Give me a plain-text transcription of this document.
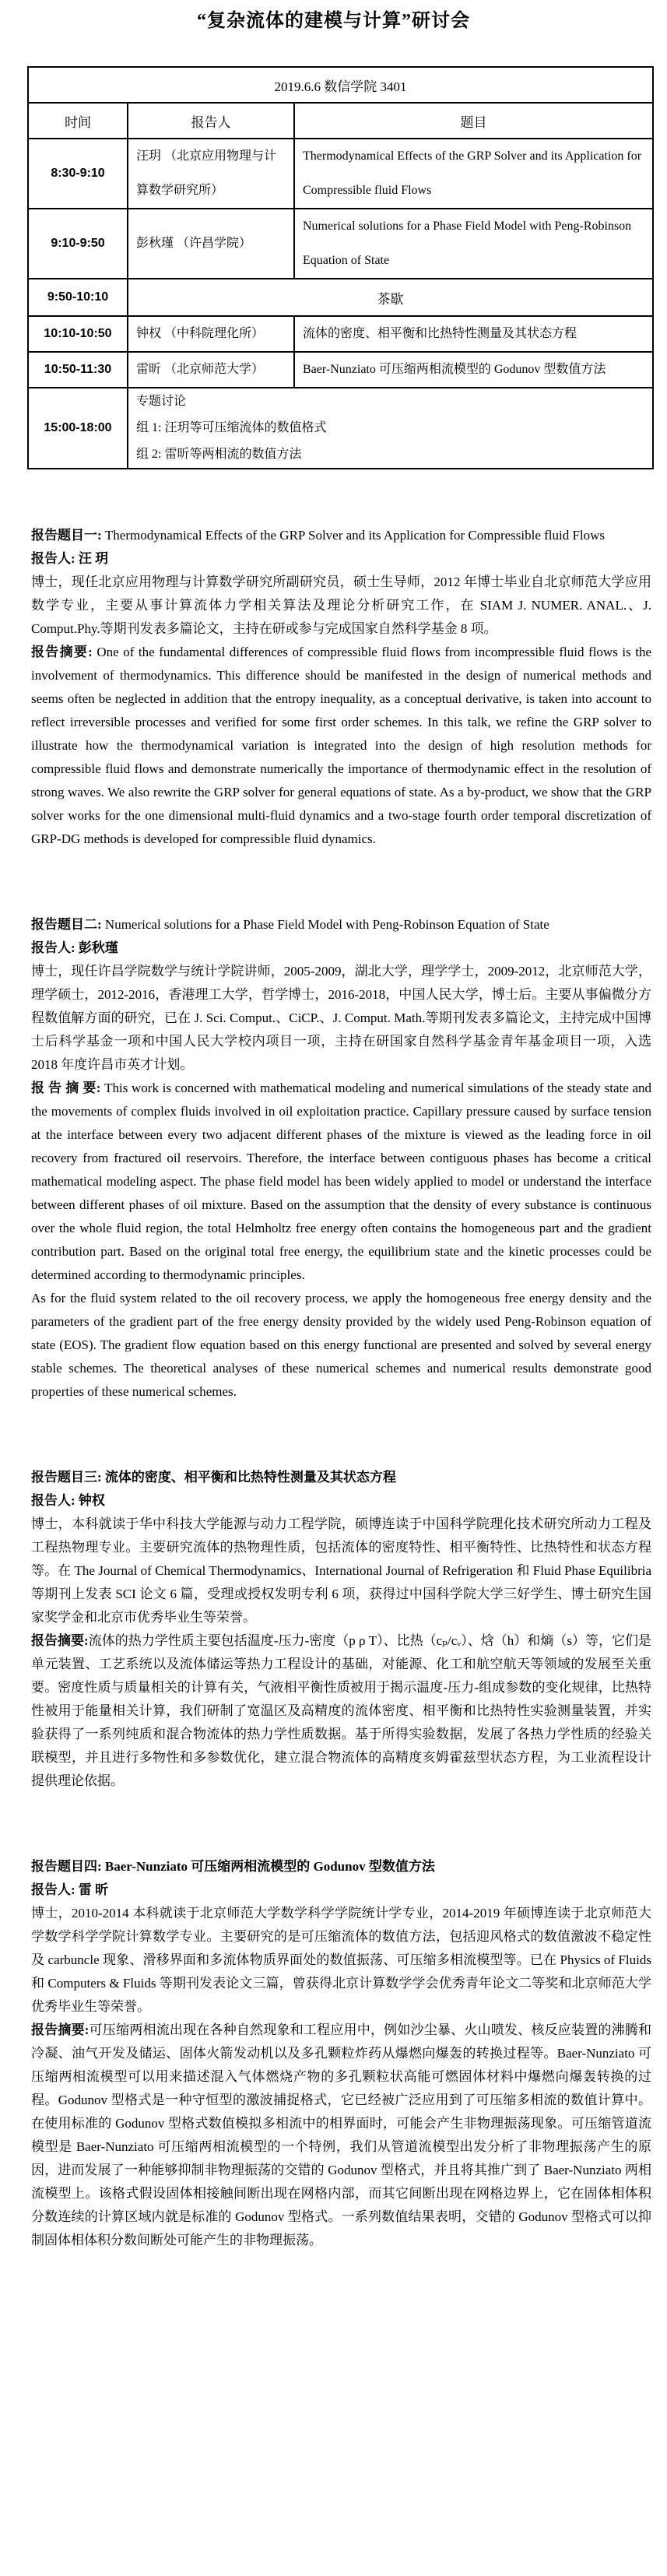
“复杂流体的建模与计算”研讨会
2019.6.6 数信学院 3401		
时间	报告人	题目
8:30-9:10	汪玥 （北京应用物理与计算数学研究所）	Thermodynamical Effects of the GRP Solver and its Application for Compressible fluid Flows
9:10-9:50	彭秋瑾 （许昌学院）	Numerical solutions for a Phase Field Model with Peng-Robinson Equation of State
9:50-10:10	茶歇	
10:10-10:50	钟权 （中科院理化所）	流体的密度、相平衡和比热特性测量及其状态方程
10:50-11:30	雷昕 （北京师范大学）	Baer-Nunziato 可压缩两相流模型的 Godunov 型数值方法
15:00-18:00	专题讨论
组 1: 汪玥等可压缩流体的数值格式
组 2: 雷昕等两相流的数值方法	

报告题目一: Thermodynamical Effects of the GRP Solver and its Application for Compressible fluid Flows

报告人: 汪 玥

博士，现任北京应用物理与计算数学研究所副研究员，硕士生导师，2012 年博士毕业自北京师范大学应用数学专业，主要从事计算流体力学相关算法及理论分析研究工作，在 SIAM J. NUMER. ANAL.、J. Comput.Phy.等期刊发表多篇论文，主持在研或参与完成国家自然科学基金 8 项。

报告摘要: One of the fundamental differences of compressible fluid flows from incompressible fluid flows is the involvement of thermodynamics. This difference should be manifested in the design of numerical methods and seems often be neglected in addition that the entropy inequality, as a conceptual derivative, is taken into account to reflect irreversible processes and verified for some first order schemes. In this talk, we refine the GRP solver to illustrate how the thermodynamical variation is integrated into the design of high resolution methods for compressible fluid flows and demonstrate numerically the importance of thermodynamic effect in the resolution of strong waves. We also rewrite the GRP solver for general equations of state. As a by-product, we show that the GRP solver works for the one dimensional multi-fluid dynamics and a two-stage fourth order temporal discretization of GRP-DG methods is developed for compressible fluid dynamics.

报告题目二: Numerical solutions for a Phase Field Model with Peng-Robinson Equation of State

报告人: 彭秋瑾

博士，现任许昌学院数学与统计学院讲师，2005-2009，湖北大学，理学学士，2009-2012，北京师范大学，理学硕士，2012-2016，香港理工大学，哲学博士，2016-2018，中国人民大学，博士后。主要从事偏微分方程数值解方面的研究，已在 J. Sci. Comput.、CiCP.、J. Comput. Math.等期刊发表多篇论文，主持完成中国博士后科学基金一项和中国人民大学校内项目一项，主持在研国家自然科学基金青年基金项目一项，入选 2018 年度许昌市英才计划。

报 告 摘 要: This work is concerned with mathematical modeling and numerical simulations of the steady state and the movements of complex fluids involved in oil exploitation practice. Capillary pressure caused by surface tension at the interface between every two adjacent different phases of the mixture is viewed as the leading force in oil recovery from fractured oil reservoirs. Therefore, the interface between contiguous phases has become a critical mathematical modeling aspect. The phase field model has been widely applied to model or understand the interface between different phases of oil mixture. Based on the assumption that the density of every substance is continuous over the whole fluid region, the total Helmholtz free energy often contains the homogeneous part and the gradient contribution part. Based on the original total free energy, the equilibrium state and the kinetic processes could be determined according to thermodynamic principles.

As for the fluid system related to the oil recovery process, we apply the homogeneous free energy density and the parameters of the gradient part of the free energy density provided by the widely used Peng-Robinson equation of state (EOS). The gradient flow equation based on this energy functional are presented and solved by several energy stable schemes. The theoretical analyses of these numerical schemes and numerical results demonstrate good properties of these numerical schemes.

报告题目三: 流体的密度、相平衡和比热特性测量及其状态方程

报告人: 钟权

博士，本科就读于华中科技大学能源与动力工程学院，硕博连读于中国科学院理化技术研究所动力工程及工程热物理专业。主要研究流体的热物理性质，包括流体的密度特性、相平衡特性、比热特性和状态方程等。在 The Journal of Chemical Thermodynamics、International Journal of Refrigeration 和 Fluid Phase Equilibria 等期刊上发表 SCI 论文 6 篇，受理或授权发明专利 6 项，获得过中国科学院大学三好学生、博士研究生国家奖学金和北京市优秀毕业生等荣誉。

报告摘要:流体的热力学性质主要包括温度-压力-密度（p ρ T）、比热（cₚ/cᵥ）、焓（h）和熵（s）等，它们是单元装置、工艺系统以及流体储运等热力工程设计的基础，对能源、化工和航空航天等领域的发展至关重要。密度性质与质量相关的计算有关，气液相平衡性质被用于揭示温度-压力-组成参数的变化规律，比热特性被用于能量相关计算，我们研制了宽温区及高精度的流体密度、相平衡和比热特性实验测量装置，并实验获得了一系列纯质和混合物流体的热力学性质数据。基于所得实验数据，发展了各热力学性质的经验关联模型，并且进行多物性和多参数优化，建立混合物流体的高精度亥姆霍兹型状态方程，为工业流程设计提供理论依据。

报告题目四: Baer-Nunziato 可压缩两相流模型的 Godunov 型数值方法

报告人: 雷 昕

博士，2010-2014 本科就读于北京师范大学数学科学学院统计学专业，2014-2019 年硕博连读于北京师范大学数学科学学院计算数学专业。主要研究的是可压缩流体的数值方法，包括迎风格式的数值激波不稳定性及 carbuncle 现象、滑移界面和多流体物质界面处的数值振荡、可压缩多相流模型等。已在 Physics of Fluids 和 Computers & Fluids 等期刊发表论文三篇，曾获得北京计算数学学会优秀青年论文二等奖和北京师范大学优秀毕业生等荣誉。

报告摘要:可压缩两相流出现在各种自然现象和工程应用中，例如沙尘暴、火山喷发、核反应装置的沸腾和冷凝、油气开发及储运、固体火箭发动机以及多孔颗粒炸药从爆燃向爆轰的转换过程等。Baer-Nunziato 可压缩两相流模型可以用来描述混入气体燃烧产物的多孔颗粒状高能可燃固体材料中爆燃向爆轰转换的过程。Godunov 型格式是一种守恒型的激波捕捉格式，它已经被广泛应用到了可压缩多相流的数值计算中。在使用标准的 Godunov 型格式数值模拟多相流中的相界面时，可能会产生非物理振荡现象。可压缩管道流模型是 Baer-Nunziato 可压缩两相流模型的一个特例，我们从管道流模型出发分析了非物理振荡产生的原因，进而发展了一种能够抑制非物理振荡的交错的 Godunov 型格式，并且将其推广到了 Baer-Nunziato 两相流模型上。该格式假设固体相接触间断出现在网格内部，而其它间断出现在网格边界上，它在固体相体积分数连续的计算区域内就是标准的 Godunov 型格式。一系列数值结果表明，交错的 Godunov 型格式可以抑制固体相体积分数间断处可能产生的非物理振荡。
